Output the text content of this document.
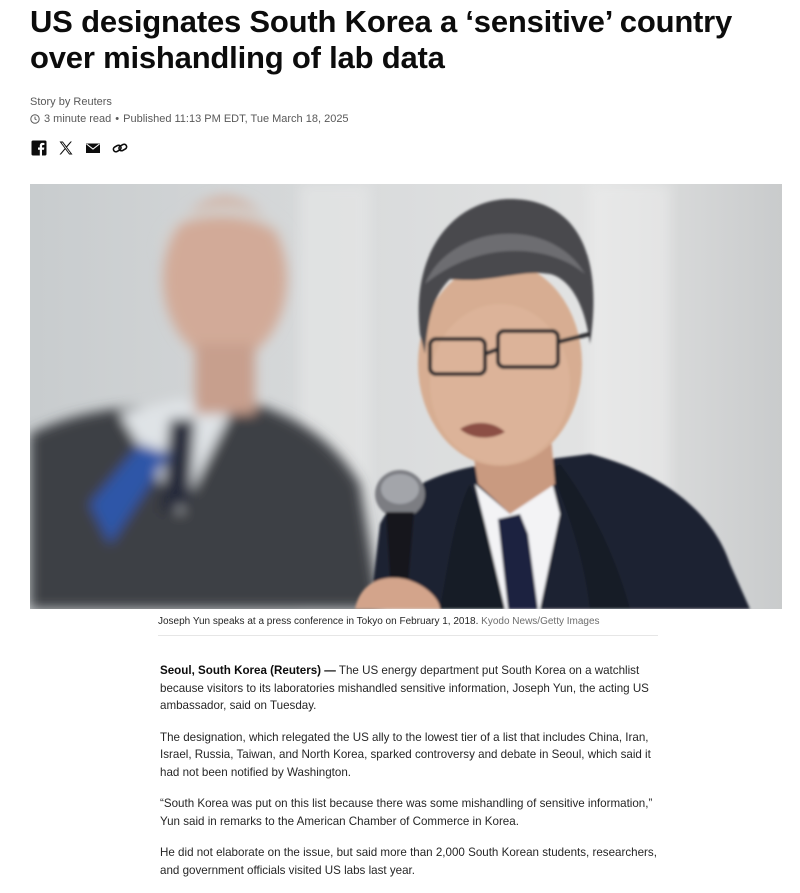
US designates South Korea a ‘sensitive’ country over mishandling of lab data
Story by Reuters
3 minute read • Published 11:13 PM EDT, Tue March 18, 2025
Joseph Yun speaks at a press conference in Tokyo on February 1, 2018. Kyodo News/Getty Images

Seoul, South Korea (Reuters) — The US energy department put South Korea on a watchlist because visitors to its laboratories mishandled sensitive information, Joseph Yun, the acting US ambassador, said on Tuesday.

The designation, which relegated the US ally to the lowest tier of a list that includes China, Iran, Israel, Russia, Taiwan, and North Korea, sparked controversy and debate in Seoul, which said it had not been notified by Washington.

“South Korea was put on this list because there was some mishandling of sensitive information,” Yun said in remarks to the American Chamber of Commerce in Korea.

He did not elaborate on the issue, but said more than 2,000 South Korean students, researchers, and government officials visited US labs last year.
